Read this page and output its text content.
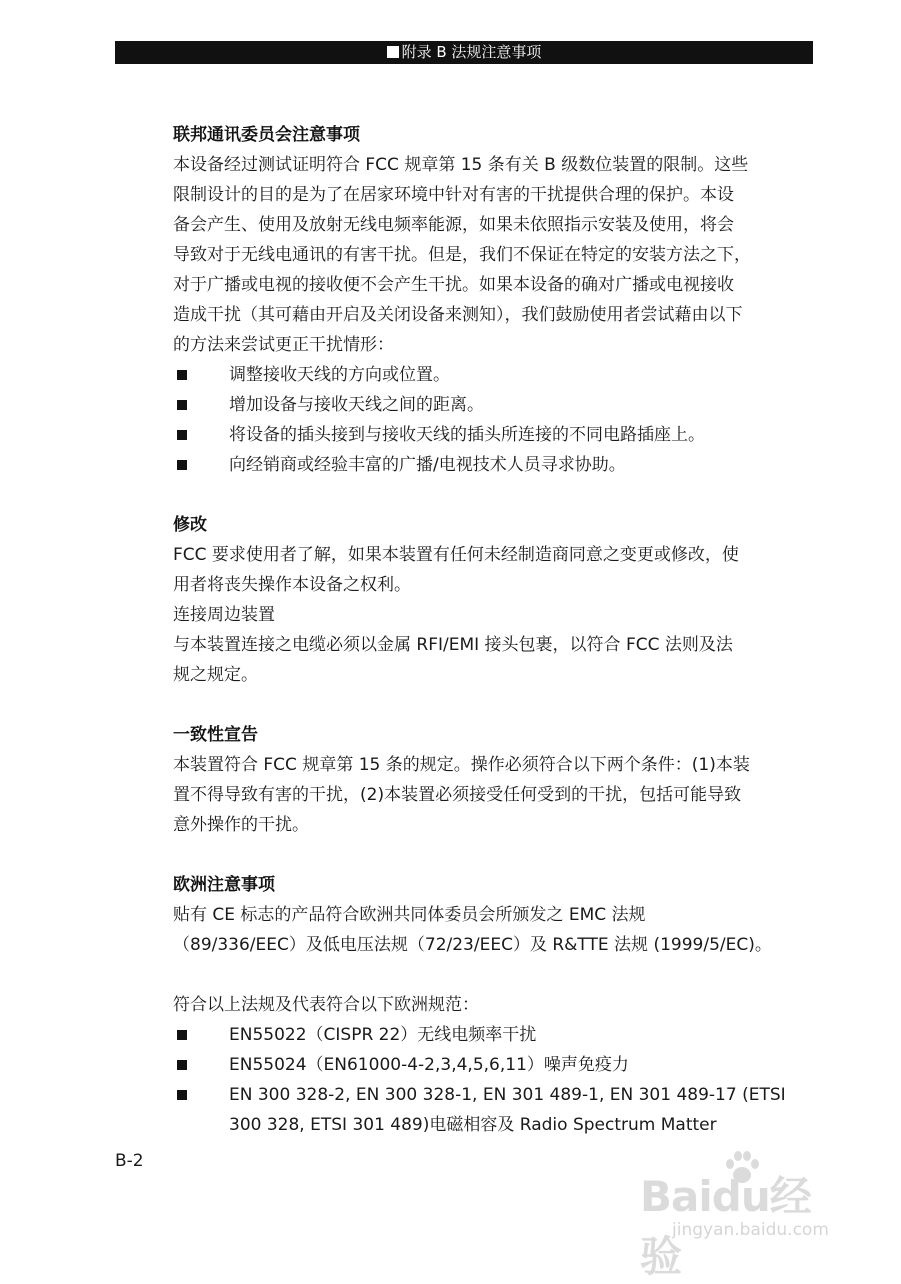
附录 B 法规注意事项
联邦通讯委员会注意事项
本设备经过测试证明符合 FCC 规章第 15 条有关 B 级数位装置的限制。这些
限制设计的目的是为了在居家环境中针对有害的干扰提供合理的保护。本设
备会产生、使用及放射无线电频率能源，如果未依照指示安装及使用，将会
导致对于无线电通讯的有害干扰。但是，我们不保证在特定的安装方法之下，
对于广播或电视的接收便不会产生干扰。如果本设备的确对广播或电视接收
造成干扰（其可藉由开启及关闭设备来测知），我们鼓励使用者尝试藉由以下
的方法来尝试更正干扰情形：
调整接收天线的方向或位置。
增加设备与接收天线之间的距离。
将设备的插头接到与接收天线的插头所连接的不同电路插座上。
向经销商或经验丰富的广播/电视技术人员寻求协助。
修改
FCC 要求使用者了解，如果本装置有任何未经制造商同意之变更或修改，使
用者将丧失操作本设备之权利。
连接周边装置
与本装置连接之电缆必须以金属 RFI/EMI 接头包裹，以符合 FCC 法则及法
规之规定。
一致性宣告
本装置符合 FCC 规章第 15 条的规定。操作必须符合以下两个条件：(1)本装
置不得导致有害的干扰，(2)本装置必须接受任何受到的干扰，包括可能导致
意外操作的干扰。
欧洲注意事项
贴有 CE 标志的产品符合欧洲共同体委员会所颁发之 EMC 法规
（89/336/EEC）及低电压法规（72/23/EEC）及 R&TTE 法规 (1999/5/EC)。
符合以上法规及代表符合以下欧洲规范：
EN55022（CISPR 22）无线电频率干扰
EN55024（EN61000-4-2,3,4,5,6,11）噪声免疫力
EN 300 328-2, EN 300 328-1, EN 301 489-1, EN 301 489-17 (ETSI
300 328, ETSI 301 489)电磁相容及 Radio Spectrum Matter
B-2
Baidu经验
jingyan.baidu.com
